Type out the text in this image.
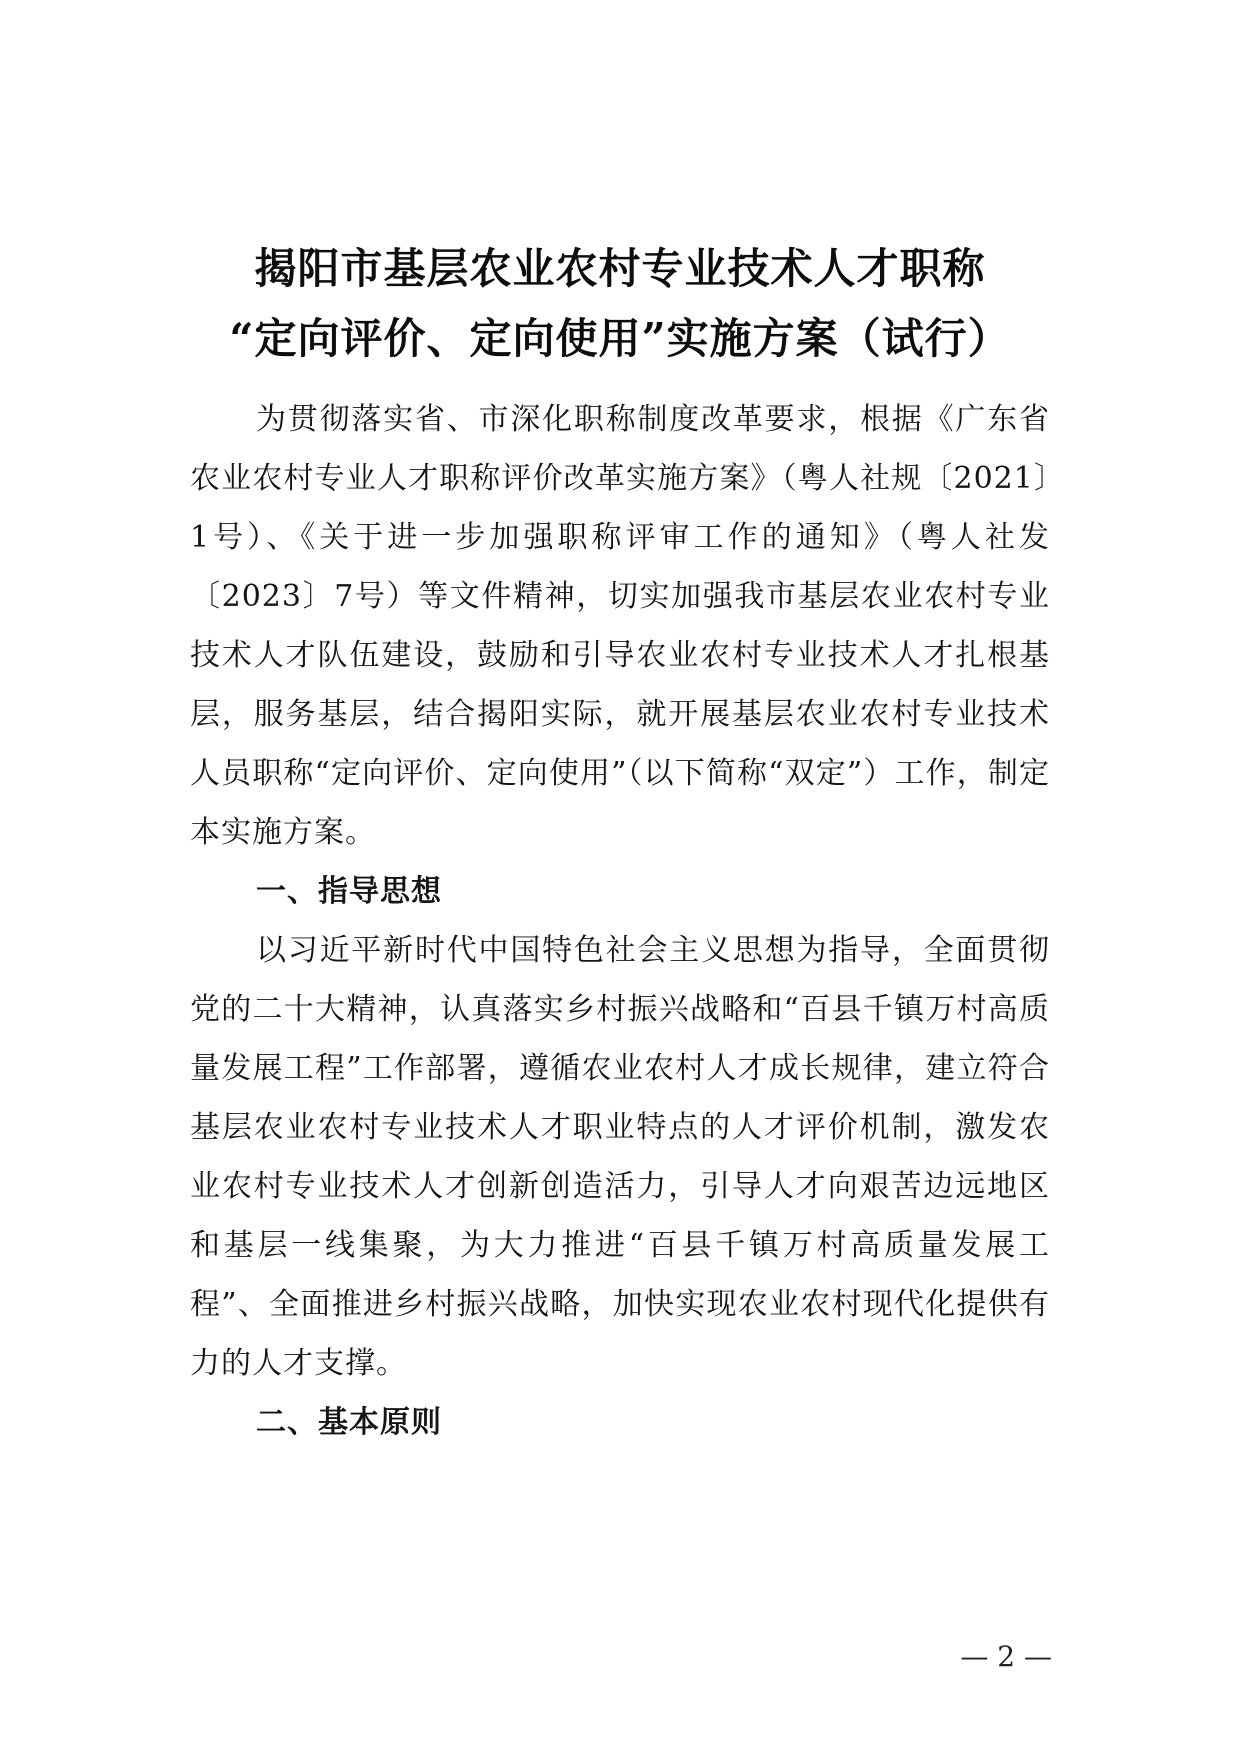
揭阳市基层农业农村专业技术人才职称
“定向评价、定向使用”实施方案（试行）

为贯彻落实省、市深化职称制度改革要求，根据《广东省农业农村专业人才职称评价改革实施方案》（粤人社规〔2021〕1号）、《关于进一步加强职称评审工作的通知》（粤人社发〔2023〕7号）等文件精神，切实加强我市基层农业农村专业技术人才队伍建设，鼓励和引导农业农村专业技术人才扎根基层，服务基层，结合揭阳实际，就开展基层农业农村专业技术人员职称“定向评价、定向使用”（以下简称“双定”）工作，制定本实施方案。

一、指导思想

以习近平新时代中国特色社会主义思想为指导，全面贯彻党的二十大精神，认真落实乡村振兴战略和“百县千镇万村高质量发展工程”工作部署，遵循农业农村人才成长规律，建立符合基层农业农村专业技术人才职业特点的人才评价机制，激发农业农村专业技术人才创新创造活力，引导人才向艰苦边远地区和基层一线集聚，为大力推进“百县千镇万村高质量发展工程”、全面推进乡村振兴战略，加快实现农业农村现代化提供有力的人才支撑。

二、基本原则

— 2 —
